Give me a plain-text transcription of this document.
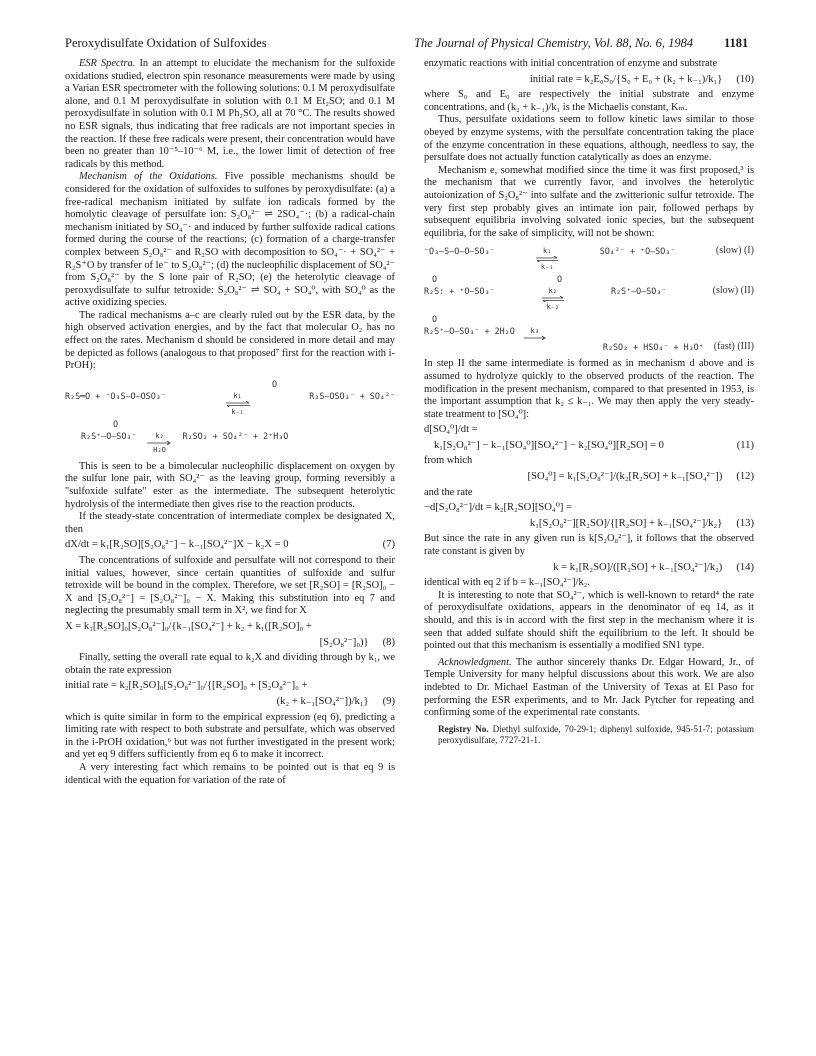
Peroxydisulfate Oxidation of Sulfoxides	The Journal of Physical Chemistry, Vol. 88, No. 6, 1984 1181

ESR Spectra. In an attempt to elucidate the mechanism for the sulfoxide oxidations studied, electron spin resonance measurements were made by using a Varian ESR spectrometer with the following solutions: 0.1 M peroxydisulfate alone, and 0.1 M peroxydisulfate in solution with 0.1 M Et₂SO; and 0.1 M peroxydisulfate in solution with 0.1 M Ph₂SO, all at 70 °C. The results showed no ESR signals, thus indicating that free radicals are not important species in the reaction. If these free radicals were present, their concentration would have been no greater than 10⁻⁵–10⁻⁶ M, i.e., the lower limit of detection of free radicals by this method.

Mechanism of the Oxidations. Five possible mechanisms should be considered for the oxidation of sulfoxides to sulfones by peroxydisulfate: (a) a free-radical mechanism initiated by sulfate ion radicals formed by the homolytic cleavage of persulfate ion: S₂O₈²⁻ ⇌ 2SO₄⁻·; (b) a radical-chain mechanism initiated by SO₄⁻· and induced by further sulfoxide radical cations formed during the course of the reactions; (c) formation of a charge-transfer complex between S₂O₈²⁻ and R₂SO with decomposition to SO₄⁻· + SO₄²⁻ + R₂S⁺O by transfer of le⁻ to S₂O₈²⁻; (d) the nucleophilic displacement of SO₄²⁻ from S₂O₈²⁻ by the S lone pair of R₂SO; (e) the heterolytic cleavage of peroxydisulfate to sulfur tetroxide: S₂O₈²⁻ ⇌ SO₄ + SO₄⁰, with SO₄⁰ as the active oxidizing species.

The radical mechanisms a–c are clearly ruled out by the ESR data, by the high observed activation energies, and by the fact that molecular O₂ has no effect on the rates. Mechanism d should be considered in more detail and may be depicted as follows (analogous to that proposed⁷ first for the reaction with i-PrOH):

O
R₂S═O + ⁻O₃S—O—OSO₃⁻	k₁
k₋₁
R₂S—OSO₃⁻ + SO₄²⁻
O
R₂S⁺—O—SO₃⁻	k₂
H₂O
R₂SO₂ + SO₄²⁻ + 2⁺H₃O

This is seen to be a bimolecular nucleophilic displacement on oxygen by the sulfur lone pair, with SO₄²⁻ as the leaving group, forming reversibly a "sulfoxide sulfate" ester as the intermediate. The subsequent heterolytic hydrolysis of the intermediate then gives rise to the reaction products.

If the steady-state concentration of intermediate complex be designated X, then

dX/dt = k₁[R₂SO][S₂O₈²⁻] − k₋₁[SO₄²⁻]X − k₂X = 0	(7)

The concentrations of sulfoxide and persulfate will not correspond to their initial values, however, since certain quantities of sulfoxide and sulfur tetroxide will be bound in the complex. Therefore, we set [R₂SO] = [R₂SO]₀ − X and [S₂O₈²⁻] = [S₂O₈²⁻]₀ − X. Making this substitution into eq 7 and neglecting the presumably small term in X², we find for X

X = k₁[R₂SO]₀[S₂O₈²⁻]₀/{k₋₁[SO₄²⁻] + k₂ + k₁([R₂SO]₀ +
[S₂O₈²⁻]₀)}	(8)

Finally, setting the overall rate equal to k₂X and dividing through by k₁, we obtain the rate expression

initial rate = k₂[R₂SO]₀[S₂O₈²⁻]₀/{[R₂SO]₀ + [S₂O₈²⁻]₀ +
(k₂ + k₋₁[SO₄²⁻])/k₁}	(9)

which is quite similar in form to the empirical expression (eq 6), predicting a limiting rate with respect to both substrate and persulfate, which was observed in the i-PrOH oxidation,⁶ but was not further investigated in the present work; and yet eq 9 differs sufficiently from eq 6 to make it incorrect.

A very interesting fact which remains to be pointed out is that eq 9 is identical with the equation for variation of the rate of

enzymatic reactions with initial concentration of enzyme and substrate

initial rate = k₂E₀S₀/{S₀ + E₀ + (k₂ + k₋₁)/k₁}	(10)

where S₀ and E₀ are respectively the initial substrate and enzyme concentrations, and (k₂ + k₋₁)/k₁ is the Michaelis constant, Kₘ.

Thus, persulfate oxidations seem to follow kinetic laws similar to those obeyed by enzyme systems, with the persulfate concentration taking the place of the enzyme concentration in these equations, although, needless to say, the persulfate does not actually function catalytically as does an enzyme.

Mechanism e, somewhat modified since the time it was first proposed,³ is the mechanism that we currently favor, and involves the heterolytic autoionization of S₂O₈²⁻ into sulfate and the zwitterionic sulfur tetroxide. The very first step probably gives an intimate ion pair, followed perhaps by subsequent equilibria involving solvated ionic species, but the subsequent equilibria, for the sake of simplicity, will not be shown:

⁻O₃—S—O—O—SO₃⁻	k₁
k₋₁
SO₄²⁻ + ⁺O—SO₃⁻	(slow) (I)
O	O
R₂S: + ⁺O—SO₃⁻	k₂
k₋₂
R₂S⁺—O—SO₃⁻	(slow) (II)
O
R₂S⁺—O—SO₃⁻ + 2H₂O k₃
R₂SO₂ + HSO₄⁻ + H₃O⁺ (fast) (III)

In step II the same intermediate is formed as in mechanism d above and is assumed to hydrolyze quickly to the observed products of the reaction. The modification in the present mechanism, compared to that presented in 1953, is the important assumption that k₂ ≤ k₋₁. We may then apply the very steady-state treatment to [SO₄⁰]:

d[SO₄⁰]/dt =
k₁[S₂O₈²⁻] − k₋₁[SO₄⁰][SO₄²⁻] − k₂[SO₄⁰][R₂SO] = 0	(11)

from which

[SO₄⁰] = k₁[S₂O₈²⁻]/(k₂[R₂SO] + k₋₁[SO₄²⁻])	(12)

and the rate

−d[S₂O₈²⁻]/dt = k₂[R₂SO][SO₄⁰] =
k₁[S₂O₈²⁻][R₂SO]/{[R₂SO] + k₋₁[SO₄²⁻]/k₂}	(13)

But since the rate in any given run is k[S₂O₈²⁻], it follows that the observed rate constant is given by

k = k₁[R₂SO]/([R₂SO] + k₋₁[SO₄²⁻]/k₂)	(14)

identical with eq 2 if b = k₋₁[SO₄²⁻]/k₂.

It is interesting to note that SO₄²⁻, which is well-known to retard⁴ the rate of peroxydisulfate oxidations, appears in the denominator of eq 14, as it should, and this is in accord with the first step in the mechanism where it is seen that added sulfate should shift the equilibrium to the left. It should be pointed out that this mechanism is essentially a modified SN1 type.

Acknowledgment. The author sincerely thanks Dr. Edgar Howard, Jr., of Temple University for many helpful discussions about this work. We are also indebted to Dr. Michael Eastman of the University of Texas at El Paso for performing the ESR experiments, and to Mr. Jack Pytcher for repeating and confirming some of the experimental rate constants.

Registry No. Diethyl sulfoxide, 70-29-1; diphenyl sulfoxide, 945-51-7; potassium peroxydisulfate, 7727-21-1.
